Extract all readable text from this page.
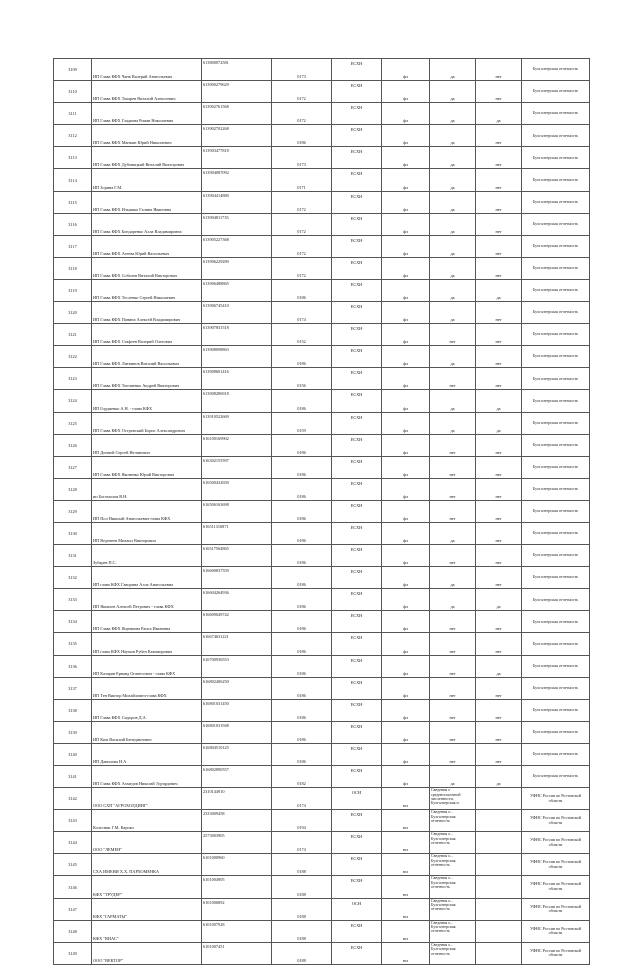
3109	ИП Глава КФХ Чанк Валерий Анатольевич	613800072581	0173	ЕСХН	фл	да	нет	Бухгалтерская отчетность
3110	ИП Глава КФХ Токарев Виталий Алексеевич	613900279629	0172	ЕСХН	фл	да	нет	Бухгалтерская отчетность
3111	ИП Глава КФХ Гладкова Роман Николаевич	613902761568	0172	ЕСХН	фл	да	да	Бухгалтерская отчетность
3112	ИП Глава КФХ Манкин Юрий Николаевич	613902702268	0186	ЕСХН	фл	да	нет	Бухгалтерская отчетность
3113	ИП Глава КФХ Дубовицкий Виталий Викторович	613903477818	0173	ЕСХН	фл	да	нет	Бухгалтерская отчетность
3114	ИП Зорина Г.М.	613904087092	0171	ЕСХН	фл	да	нет	Бухгалтерская отчетность
3115	ИП Глава КФХ Ильяшко Галина Ивановна	613904414880	0172	ЕСХН	фл	да	нет	Бухгалтерская отчетность
3116	ИП Глава КФХ Бондаренко Алла Владимировна	613904811735	0172	ЕСХН	фл	да	нет	Бухгалтерская отчетность
3117	ИП Глава КФХ Агеева Юрий Васильевич	613905227368	0172	ЕСХН	фл	да	нет	Бухгалтерская отчетность
3118	ИП Глава КФХ Соболев Виталий Викторович	613906229289	0172	ЕСХН	фл	да	нет	Бухгалтерская отчетность
3119	ИП Глава КФХ Тесленко Сергей Николаевич	613906488865	0186	ЕСХН	фл	да	да	Бухгалтерская отчетность
3120	ИП Глава КФХ Панина Алексей Владимирович	613906745410	0174	ЕСХН	фл	да	нет	Бухгалтерская отчетность
3121	ИП Глава КФХ Стафеев Валерий Олегович	613907831518	0152	ЕСХН	фл	нет	нет	Бухгалтерская отчетность
3122	ИП Глава КФХ Литвинов Виталий Васильевич	613908098863	0186	ЕСХН	фл	да	нет	Бухгалтерская отчетность
3123	ИП Глава КФХ Топчиенко Андрей Викторович	613908601416	0156	ЕСХН	фл	нет	нет	Бухгалтерская отчетность
3124	ИП Гордиенко А.Н. - глава КФХ	613908286918	0186	ЕСХН	фл	да	да	Бухгалтерская отчетность
3125	ИП Глава КФХ Островский Борис Александрович	613910522669	0159	ЕСХН	фл	да	да	Бухгалтерская отчетность
3126	ИП Донной Сергей Нелинович	616100169902	0186	ЕСХН	фл	нет	нет	Бухгалтерская отчетность
3127	ИП Глава КФХ Яковенко Юрий Викторович	616302155597	0186	ЕСХН	фл	нет	нет	Бухгалтерская отчетность
3128	ип Богомолов В.Н.	616500432650	0186	ЕСХН	фл	нет	нет	Бухгалтерская отчетность
3129	ИП Пол Николай Анатольевич-глава КФХ	616506163698	0186	ЕСХН	фл	нет	нет	Бухгалтерская отчетность
3130	ИП Веденеев Михаил Викторович	616511316871	0186	ЕСХН	фл	да	нет	Бухгалтерская отчетность
3131	Зубарев П.С.	616517564865	0186	ЕСХН	фл	нет	нет	Бухгалтерская отчетность
3132	ИП глава КФХ Гаворина Алла Анатольевна	616600837559	0186	ЕСХН	фл	да	нет	Бухгалтерская отчетность
3133	ИП Яковлев Алексей Петрович - глава КФХ	616604264936	0186	ЕСХН	фл	да	да	Бухгалтерская отчетность
3134	ИП Глава КФХ Ященкова Раиса Ивановна	616609049742	0186	ЕСХН	фл	нет	нет	Бухгалтерская отчетность
3135	ИП глава КФХ Наумов Рубен Казимирович	616674631221	0186	ЕСХН	фл	нет	нет	Бухгалтерская отчетность
3136	ИП Казарян Ерванд Оганесович - глава КФХ	616700936553	0186	ЕСХН	фл	нет	да	Бухгалтерская отчетность
3137	ИП Тен Виктор Михайлович-глава КФХ	616802406250	0186	ЕСХН	фл	нет	нет	Бухгалтерская отчетность
3138	ИП Глава КФХ Сидоров Д.А.	616801031450	0186	ЕСХН	фл	нет	нет	Бухгалтерская отчетность
3139	ИП Ким Василий Бенедиктович	616801031948	0186	ЕСХН	фл	нет	нет	Бухгалтерская отчетность
3140	ИП Данилова Н.А	616804510125	0186	ЕСХН	фл	нет	нет	Бухгалтерская отчетность
3141	ИП Глава КФХ Ахмедов Николай Эдуардович	616802890557	0182	ЕСХН	фл	да	да	Бухгалтерская отчетность
3142	ООО СХП "АГРОХОЛДИНГ"	2310144910	0174	ОСН	юл	Сведения о среднесписочной численности, Бухгалтерская и		УФНС России по Ростовской области
3143	Колесник Г.М. Карсян	2333009458	0194	ЕСХН	юл	Сведения о... Бухгалтерская отчетность		УФНС России по Ростовской области
3144	ООО "ЛЕМЕН"	2573003905	0174	ЕСХН	юл	Сведения о... Бухгалтерская отчетность		УФНС России по Ростовской области
3145	СХА ИМЕНИ Х.Х. ПАРХОМЕНКА	6101000960	0188	ЕСХН	юл	Сведения о... Бухгалтерская отчетность		УФНС России по Ростовской области
3146	КФХ "ТРУДЕР"	6101004905	0188	ЕСХН	юл	Сведения о... Бухгалтерская отчетность		УФНС России по Ростовской области
3147	КФХ "ГАРМАТЫ"	6101006892	0188	ОСН	юл	Сведения о... Бухгалтерская отчетность		УФНС России по Ростовской области
3148	КФХ "ВИАС"	6101007928	0188	ЕСХН	юл	Сведения о... Бухгалтерская отчетность		УФНС России по Ростовской области
3149	ООО "ВЕКТОР"	6101007451	0188	ЕСХН	юл	Сведения о... Бухгалтерская отчетность		УФНС России по Ростовской области
